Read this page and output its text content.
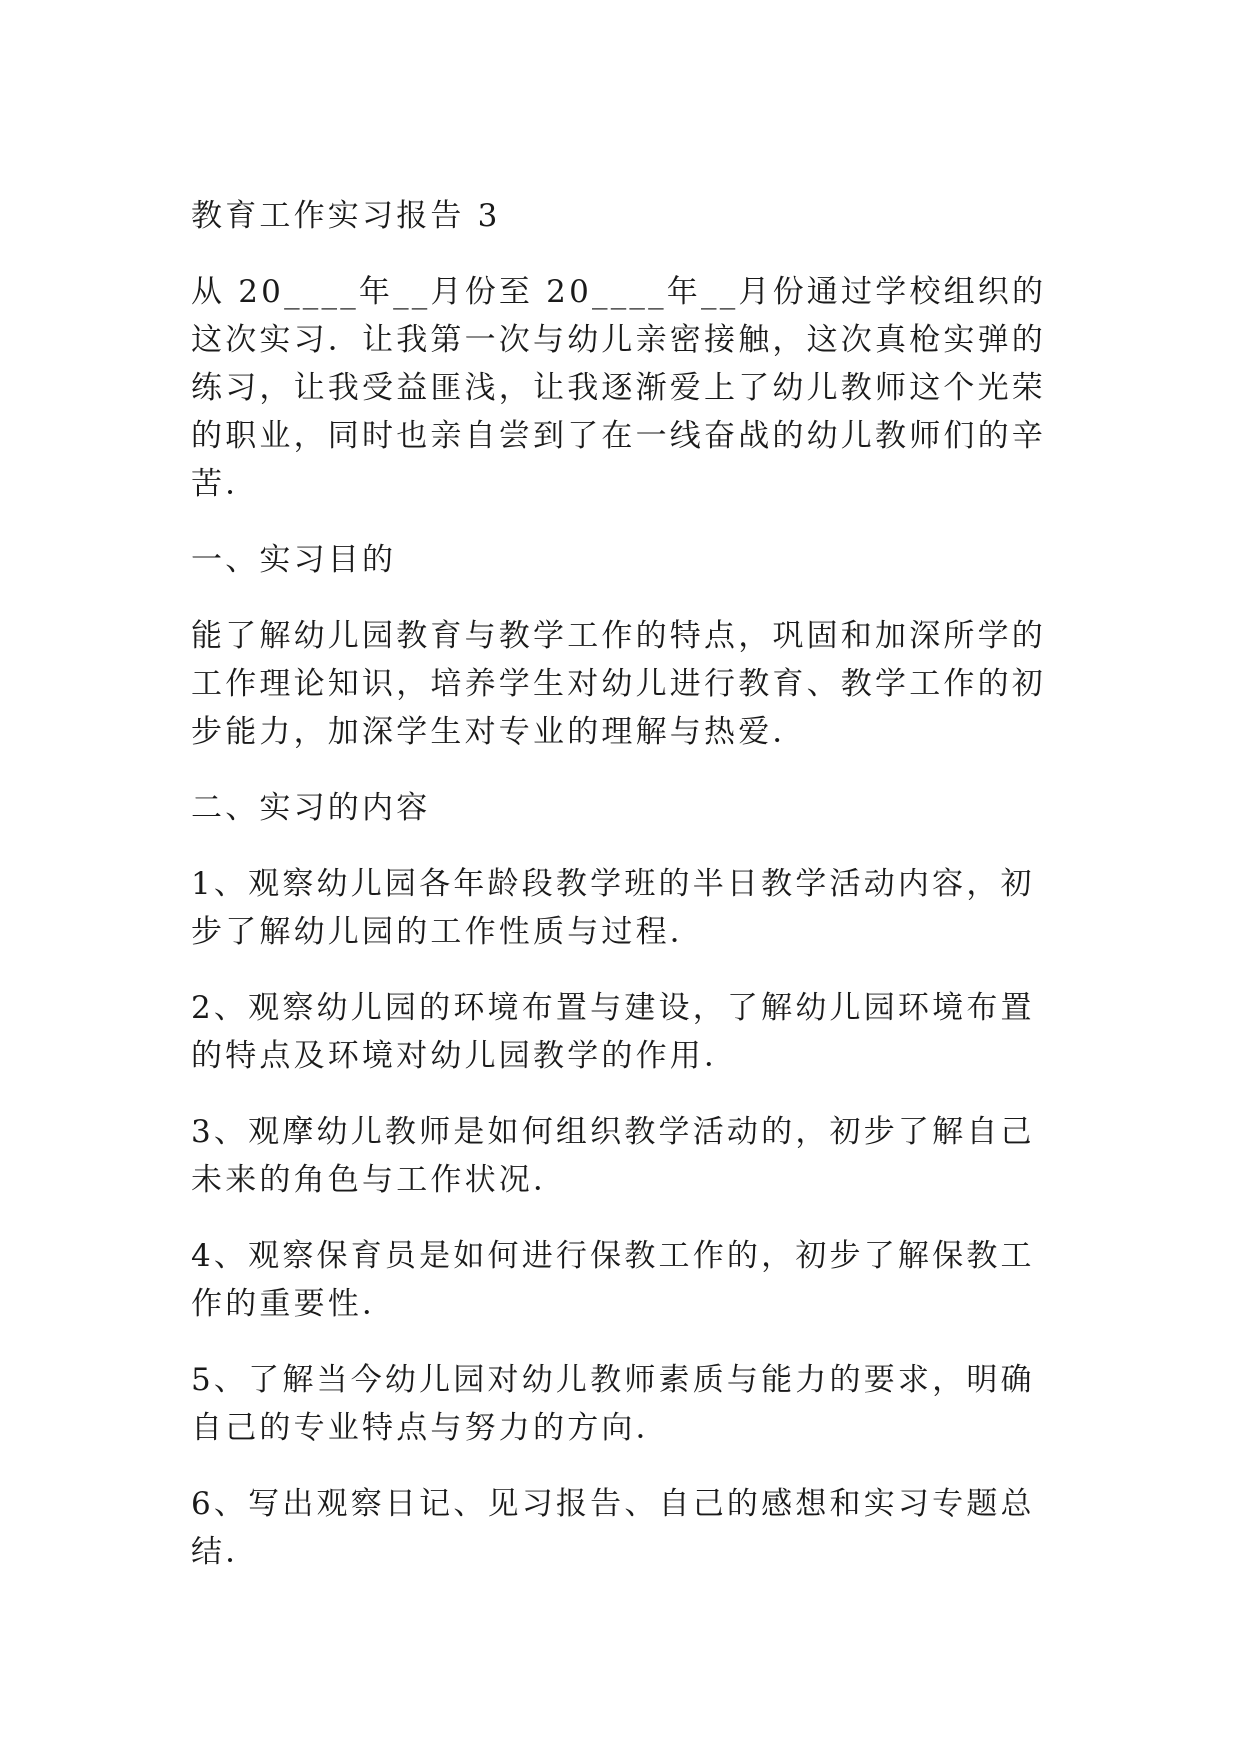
教育工作实习报告 3

从 20____年__月份至 20____年__月份通过学校组织的这次实习．让我第一次与幼儿亲密接触，这次真枪实弹的练习，让我受益匪浅，让我逐渐爱上了幼儿教师这个光荣的职业，同时也亲自尝到了在一线奋战的幼儿教师们的辛苦．

一、实习目的

能了解幼儿园教育与教学工作的特点，巩固和加深所学的工作理论知识，培养学生对幼儿进行教育、教学工作的初步能力，加深学生对专业的理解与热爱．

二、实习的内容

1、观察幼儿园各年龄段教学班的半日教学活动内容，初步了解幼儿园的工作性质与过程．

2、观察幼儿园的环境布置与建设，了解幼儿园环境布置的特点及环境对幼儿园教学的作用．

3、观摩幼儿教师是如何组织教学活动的，初步了解自己未来的角色与工作状况．

4、观察保育员是如何进行保教工作的，初步了解保教工作的重要性．

5、了解当今幼儿园对幼儿教师素质与能力的要求，明确自己的专业特点与努力的方向．

6、写出观察日记、见习报告、自己的感想和实习专题总结．
